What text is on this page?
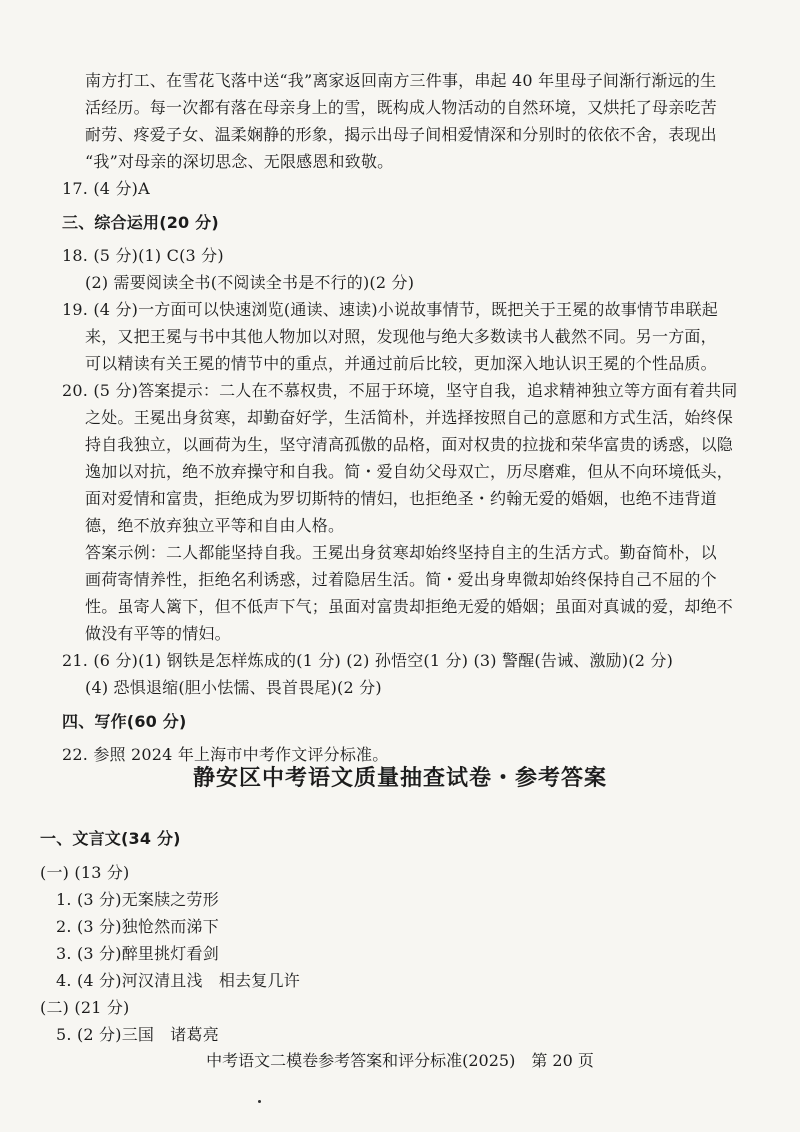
南方打工、在雪花飞落中送“我”离家返回南方三件事，串起 40 年里母子间渐行渐远的生
活经历。每一次都有落在母亲身上的雪，既构成人物活动的自然环境，又烘托了母亲吃苦
耐劳、疼爱子女、温柔娴静的形象，揭示出母子间相爱情深和分别时的依依不舍，表现出
“我”对母亲的深切思念、无限感恩和致敬。
17. (4 分)A
三、综合运用(20 分)
18. (5 分)(1) C(3 分)
(2) 需要阅读全书(不阅读全书是不行的)(2 分)
19. (4 分)一方面可以快速浏览(通读、速读)小说故事情节，既把关于王冕的故事情节串联起
来，又把王冕与书中其他人物加以对照，发现他与绝大多数读书人截然不同。另一方面，
可以精读有关王冕的情节中的重点，并通过前后比较，更加深入地认识王冕的个性品质。
20. (5 分)答案提示：二人在不慕权贵，不屈于环境，坚守自我，追求精神独立等方面有着共同
之处。王冕出身贫寒，却勤奋好学，生活简朴，并选择按照自己的意愿和方式生活，始终保
持自我独立，以画荷为生，坚守清高孤傲的品格，面对权贵的拉拢和荣华富贵的诱惑，以隐
逸加以对抗，绝不放弃操守和自我。简・爱自幼父母双亡，历尽磨难，但从不向环境低头，
面对爱情和富贵，拒绝成为罗切斯特的情妇，也拒绝圣・约翰无爱的婚姻，也绝不违背道
德，绝不放弃独立平等和自由人格。
答案示例：二人都能坚持自我。王冕出身贫寒却始终坚持自主的生活方式。勤奋简朴，以
画荷寄情养性，拒绝名利诱惑，过着隐居生活。简・爱出身卑微却始终保持自己不屈的个
性。虽寄人篱下，但不低声下气；虽面对富贵却拒绝无爱的婚姻；虽面对真诚的爱，却绝不
做没有平等的情妇。
21. (6 分)(1) 钢铁是怎样炼成的(1 分) (2) 孙悟空(1 分) (3) 警醒(告诫、激励)(2 分)
(4) 恐惧退缩(胆小怯懦、畏首畏尾)(2 分)
四、写作(60 分)
22. 参照 2024 年上海市中考作文评分标准。
一、文言文(34 分)
(一) (13 分)
1. (3 分)无案牍之劳形
2. (3 分)独怆然而涕下
3. (3 分)醉里挑灯看剑
4. (4 分)河汉清且浅　相去复几许
(二) (21 分)
5. (2 分)三国　诸葛亮
静安区中考语文质量抽查试卷・参考答案
中考语文二模卷参考答案和评分标准(2025)　第 20 页
